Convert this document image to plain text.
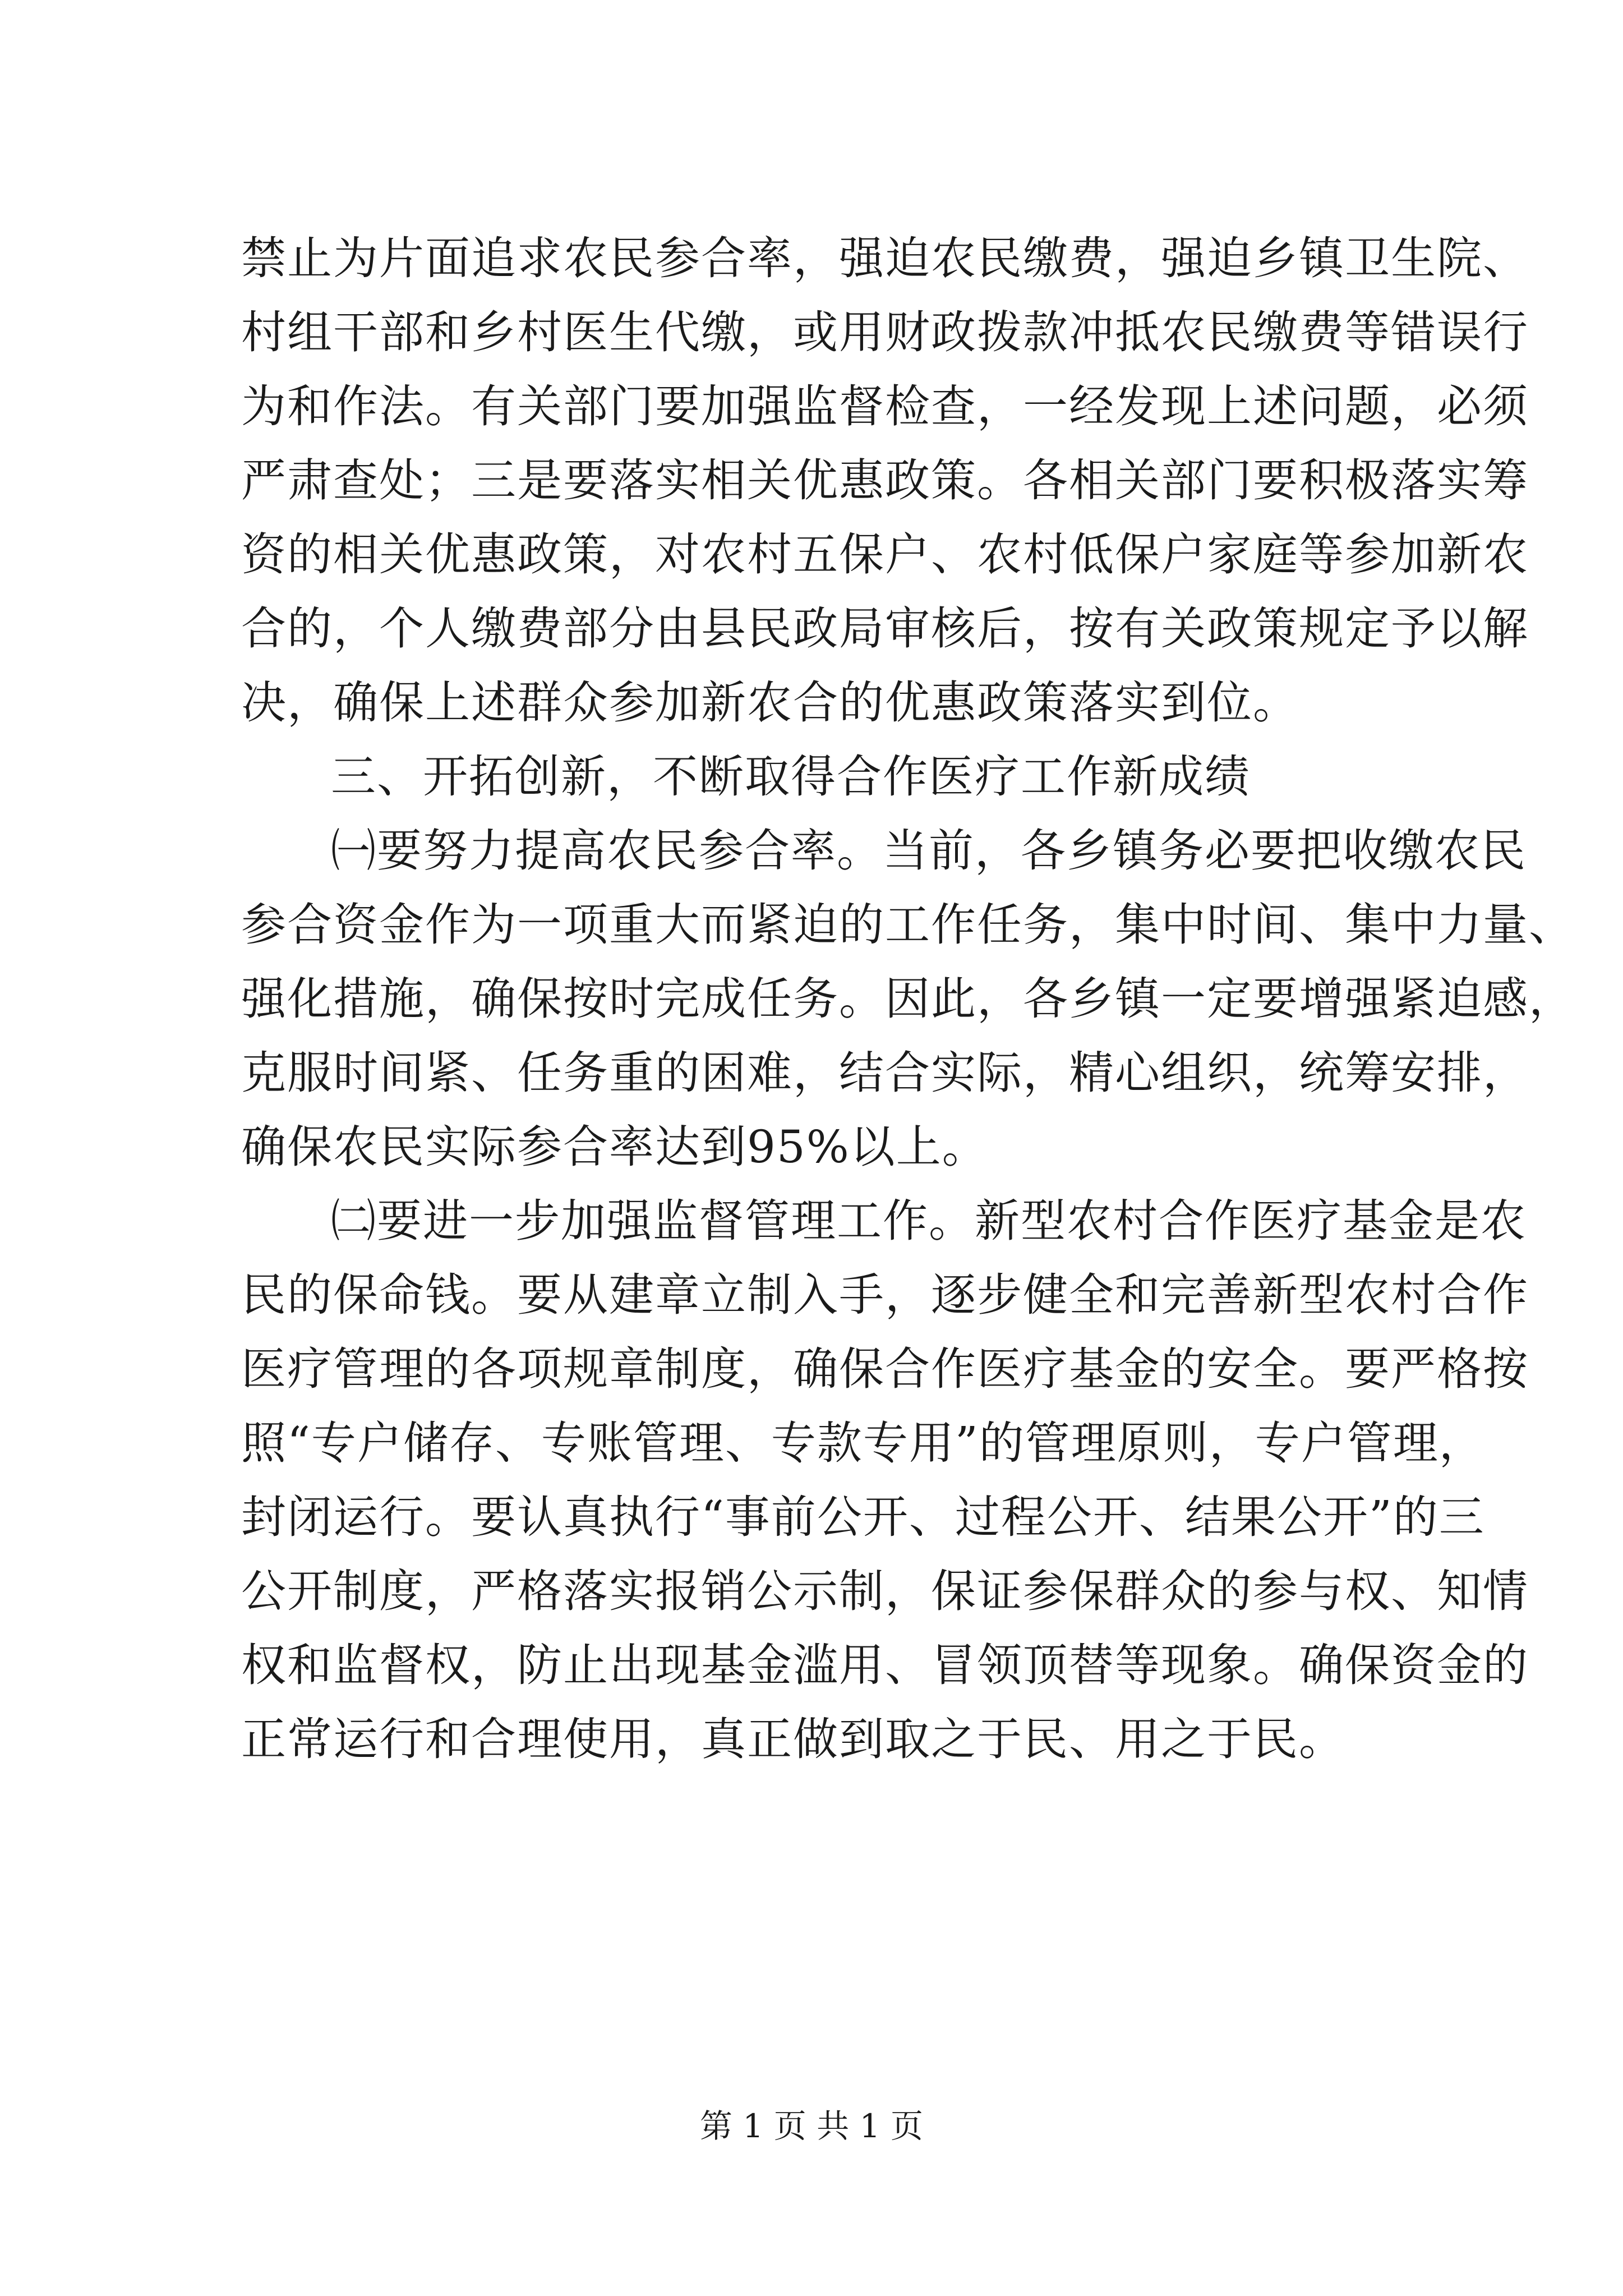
禁止为片面追求农民参合率，强迫农民缴费，强迫乡镇卫生院、
村组干部和乡村医生代缴，或用财政拨款冲抵农民缴费等错误行
为和作法。有关部门要加强监督检查，一经发现上述问题，必须
严肃查处；三是要落实相关优惠政策。各相关部门要积极落实筹
资的相关优惠政策，对农村五保户、农村低保户家庭等参加新农
合的，个人缴费部分由县民政局审核后，按有关政策规定予以解
决，确保上述群众参加新农合的优惠政策落实到位。
三、开拓创新，不断取得合作医疗工作新成绩
㈠要努力提高农民参合率。当前，各乡镇务必要把收缴农民
参合资金作为一项重大而紧迫的工作任务，集中时间、集中力量、
强化措施，确保按时完成任务。因此，各乡镇一定要增强紧迫感，
克服时间紧、任务重的困难，结合实际，精心组织，统筹安排，
确保农民实际参合率达到95%以上。
㈡要进一步加强监督管理工作。新型农村合作医疗基金是农
民的保命钱。要从建章立制入手，逐步健全和完善新型农村合作
医疗管理的各项规章制度，确保合作医疗基金的安全。要严格按
照“专户储存、专账管理、专款专用”的管理原则，专户管理，
封闭运行。要认真执行“事前公开、过程公开、结果公开”的三
公开制度，严格落实报销公示制，保证参保群众的参与权、知情
权和监督权，防止出现基金滥用、冒领顶替等现象。确保资金的
正常运行和合理使用，真正做到取之于民、用之于民。
第 1 页 共 1 页
